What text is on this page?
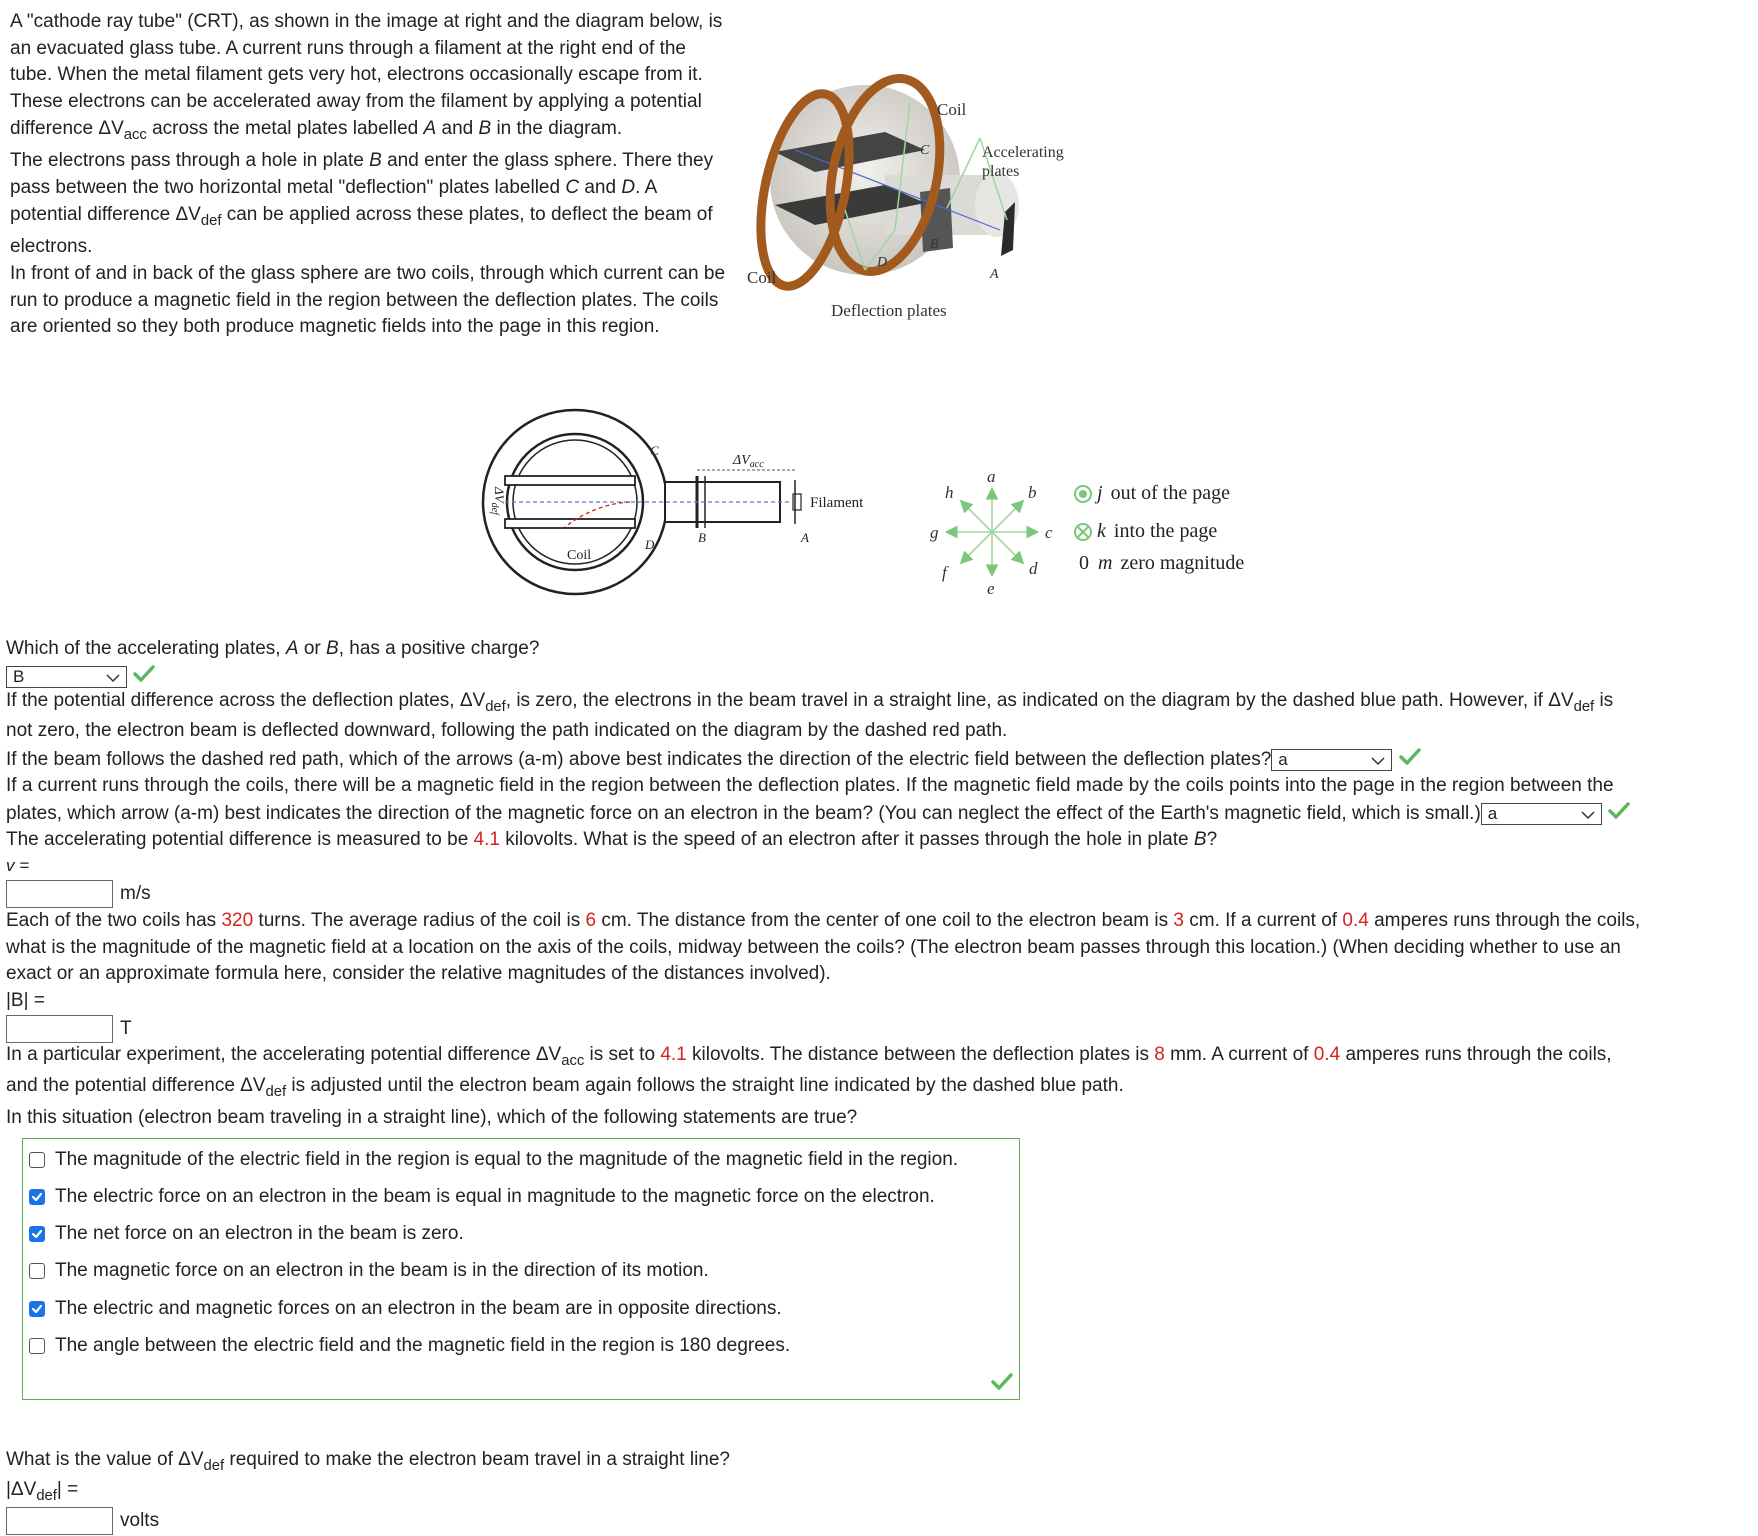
A "cathode ray tube" (CRT), as shown in the image at right and the diagram below, is an evacuated glass tube. A current runs through a filament at the right end of the tube. When the metal filament gets very hot, electrons occasionally escape from it. These electrons can be accelerated away from the filament by applying a potential difference $\Delta V_{acc}$ across the metal plates labelled A and B in the diagram.

The electrons pass through a hole in plate B and enter the glass sphere. There they pass between the two horizontal metal "deflection" plates labelled C and D. A potential difference $\Delta V_{def}$ can be applied across these plates, to deflect the beam of electrons.

In front of and in back of the glass sphere are two coils, through which current can be run to produce a magnetic field in the region between the deflection plates. The coils are oriented so they both produce magnetic fields into the page in this region.

Coil
Coil
Accelerating
plates
Deflection plates
C
B
D
A
$\Delta V_{acc}$
$\Delta V_{def}$	Filament
Coil
C
D	B	A
a
b
c
d
e
f
g
h	j out of the page
k into the page
0 m zero magnitude
Which of the accelerating plates, A or B, has a positive charge?
B

If the potential difference across the deflection plates, $\Delta V_{def}$, is zero, the electrons in the beam travel in a straight line, as indicated on the diagram by the dashed blue path. However, if $\Delta V_{def}$ is
not zero, the electron beam is deflected downward, following the path indicated on the diagram by the dashed red path.
If the beam follows the dashed red path, which of the arrows (a-m) above best indicates the direction of the electric field between the deflection plates? a

If a current runs through the coils, there will be a magnetic field in the region between the deflection plates. If the magnetic field made by the coils points into the page in the region between the
plates, which arrow (a-m) best indicates the direction of the magnetic force on an electron in the beam? (You can neglect the effect of the Earth's magnetic field, which is small.) a

The accelerating potential difference is measured to be 4.1 kilovolts. What is the speed of an electron after it passes through the hole in plate B?
v =
m/s
Each of the two coils has 320 turns. The average radius of the coil is 6 cm. The distance from the center of one coil to the electron beam is 3 cm. If a current of 0.4 amperes runs through the coils,
what is the magnitude of the magnetic field at a location on the axis of the coils, midway between the coils? (The electron beam passes through this location.) (When deciding whether to use an
exact or an approximate formula here, consider the relative magnitudes of the distances involved).
|B| =
T
In a particular experiment, the accelerating potential difference $\Delta V_{acc}$ is set to 4.1 kilovolts. The distance between the deflection plates is 8 mm. A current of 0.4 amperes runs through the coils,
and the potential difference $\Delta V_{def}$ is adjusted until the electron beam again follows the straight line indicated by the dashed blue path.
In this situation (electron beam traveling in a straight line), which of the following statements are true?
The magnitude of the electric field in the region is equal to the magnitude of the magnetic field in the region.
The electric force on an electron in the beam is equal in magnitude to the magnetic force on the electron.
The net force on an electron in the beam is zero.
The magnetic force on an electron in the beam is in the direction of its motion.
The electric and magnetic forces on an electron in the beam are in opposite directions.
The angle between the electric field and the magnetic field in the region is 180 degrees.
What is the value of $\Delta V_{def}$ required to make the electron beam travel in a straight line?
$|\Delta V_{def}|$ =
volts
